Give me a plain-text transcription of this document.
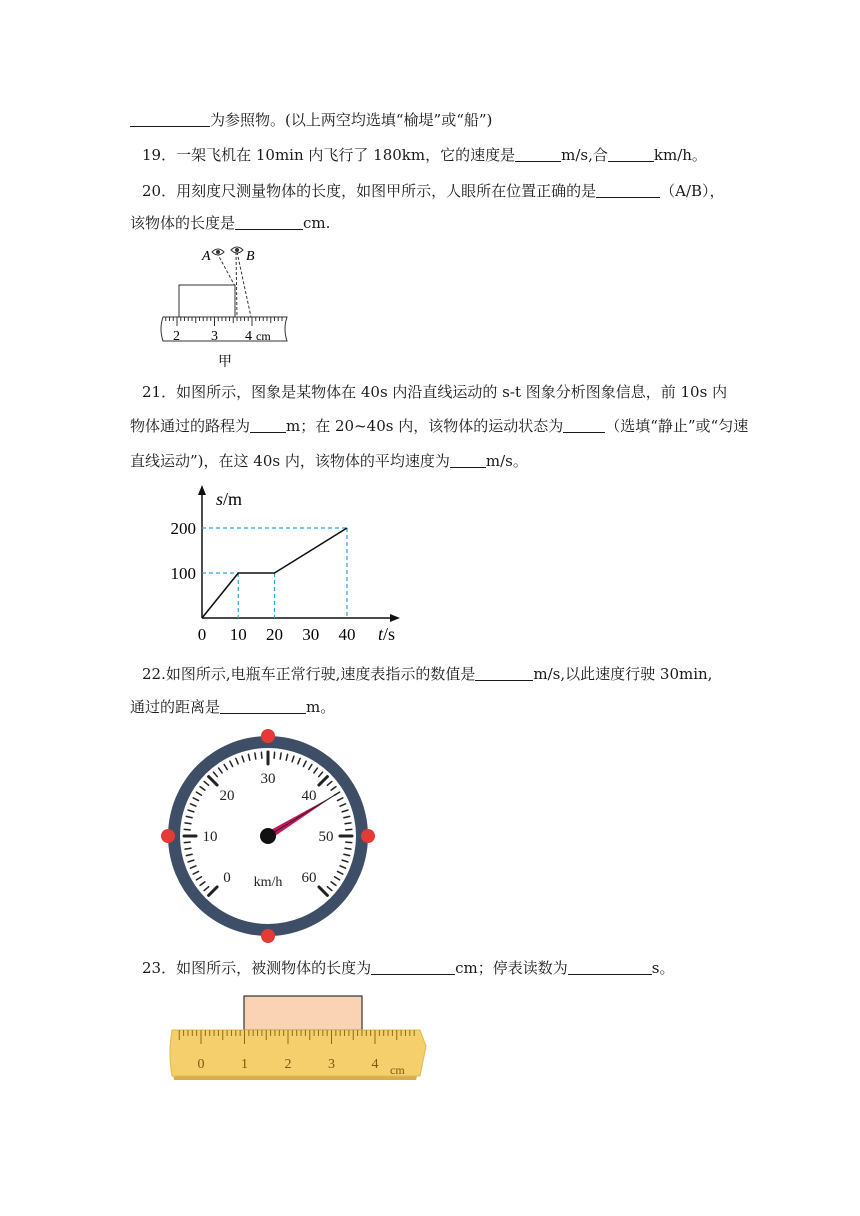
为参照物。(以上两空均选填“榆堤”或“船”)
19．一架飞机在 10min 内飞行了 180km，它的速度是	m/s,合	km/h。
20．用刻度尺测量物体的长度，如图甲所示，人眼所在位置正确的是	（A/B），
该物体的长度是	cm.
A	B
2 3 4 cm
甲
21．如图所示，图象是某物体在 40s 内沿直线运动的 s-t 图象分析图象信息，前 10s 内
物体通过的路程为 m；在 20~40s 内，该物体的运动状态为	（选填“静止”或“匀速
直线运动”)，在这 40s 内，该物体的平均速度为 m/s。
0 10 20 30 40
100
200
s/m
t/s
22.如图所示,电瓶车正常行驶,速度表指示的数值是	m/s,以此速度行驶 30min,
通过的距离是	m。
0
10
20
30
40
50
60
km/h
23．如图所示，被测物体的长度为	cm；停表读数为	s。
0	1	2	3	4 cm
